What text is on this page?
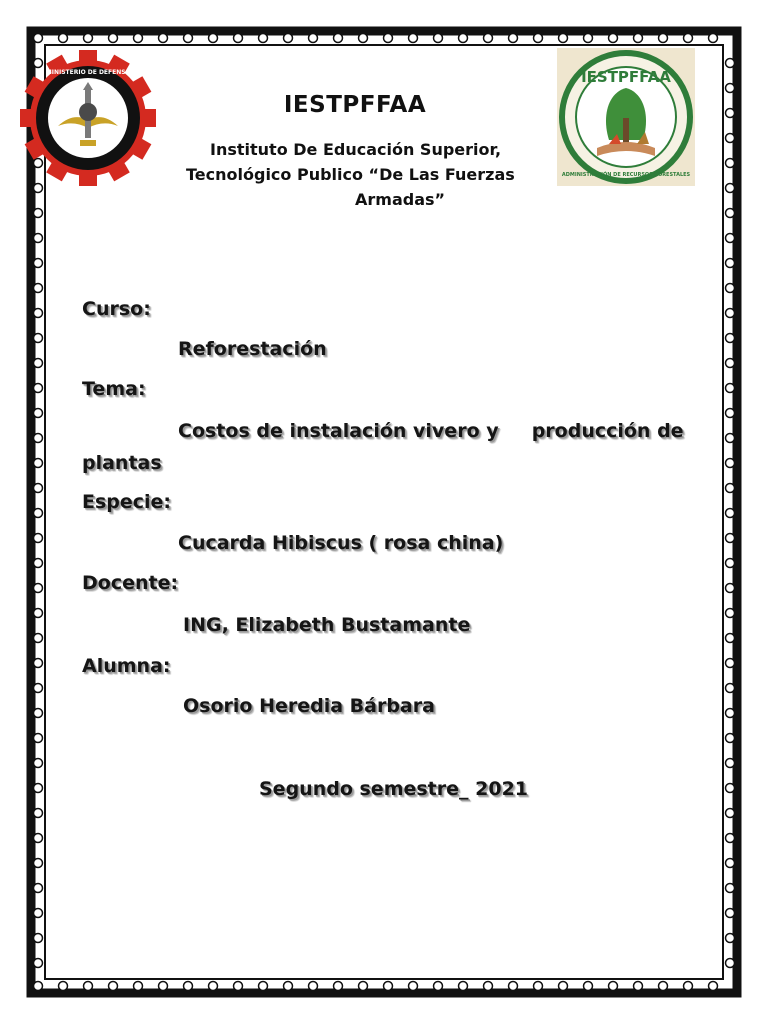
MINISTERIO DE DEFENSA	IESTPFFAA
ADMINISTRACIÓN DE RECURSOS FORESTALES
IESTPFFAA
Instituto De Educación Superior,
Tecnológico Publico “De Las Fuerzas
Armadas”
Curso:
Reforestación
Tema:
Costos de instalación vivero y     producción de
plantas
Especie:
Cucarda Hibiscus ( rosa china)
Docente:
ING, Elizabeth Bustamante
Alumna:
Osorio Heredia Bárbara
Segundo semestre_ 2021
